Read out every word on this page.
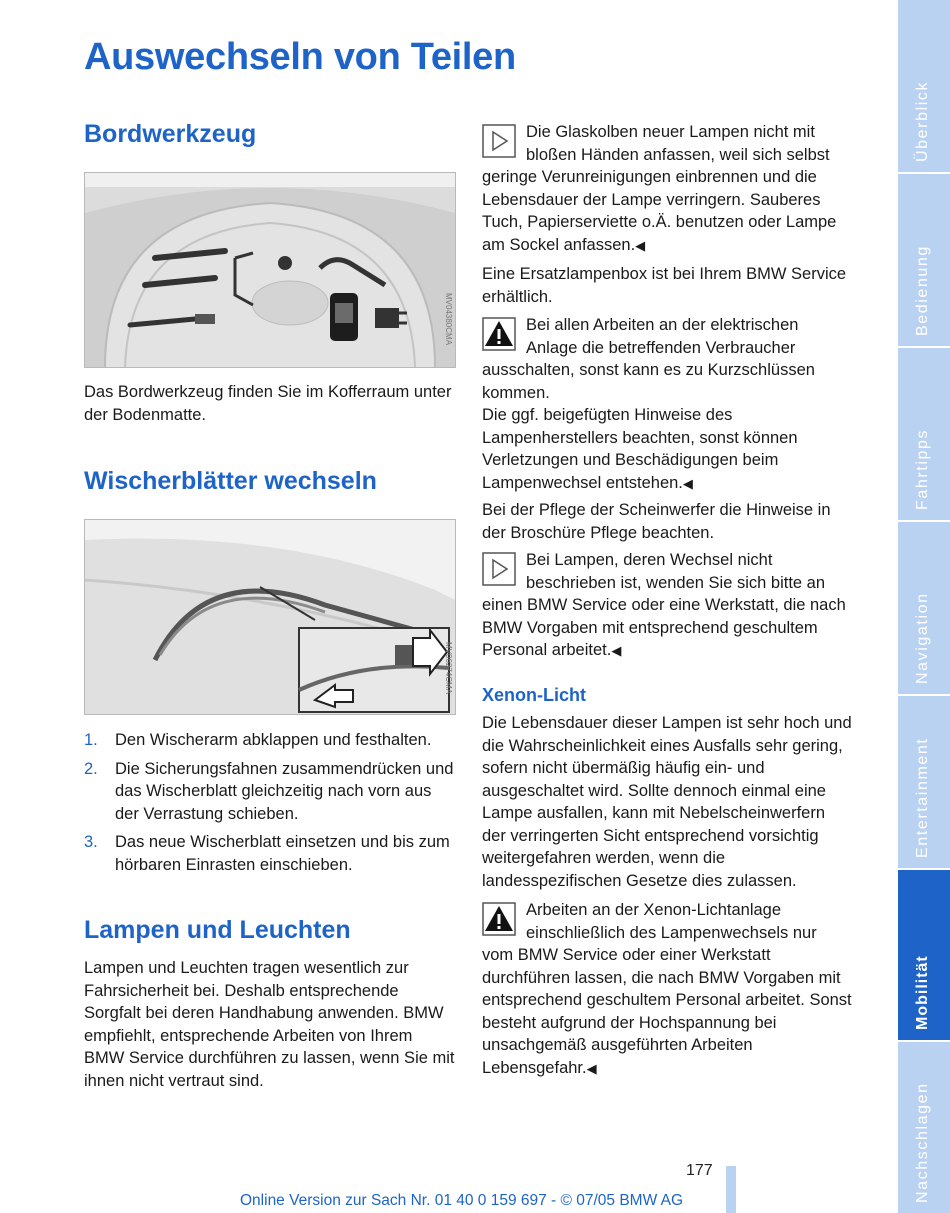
Auswechseln von Teilen
Bordwerkzeug
MV04380CMA

Das Bordwerkzeug finden Sie im Kofferraum unter der Bodenmatte.

Wischerblätter wechseln
MV06274CMA
1. Den Wischerarm abklappen und festhalten.
2. Die Sicherungsfahnen zusammendrücken und das Wischerblatt gleichzeitig nach vorn aus der Verrastung schieben.
3. Das neue Wischerblatt einsetzen und bis zum hörbaren Einrasten einschieben.
Lampen und Leuchten

Lampen und Leuchten tragen wesentlich zur Fahrsicherheit bei. Deshalb entsprechende Sorgfalt bei deren Handhabung anwenden. BMW empfiehlt, entsprechende Arbeiten von Ihrem BMW Service durchführen zu lassen, wenn Sie mit ihnen nicht vertraut sind.

Die Glaskolben neuer Lampen nicht mit bloßen Händen anfassen, weil sich selbst geringe Verunreinigungen einbrennen und die Lebensdauer der Lampe verringern. Sauberes Tuch, Papierserviette o.Ä. benutzen oder Lampe am Sockel anfassen.◀

Eine Ersatzlampenbox ist bei Ihrem BMW Service erhältlich.

Bei allen Arbeiten an der elektrischen Anlage die betreffenden Verbraucher ausschalten, sonst kann es zu Kurzschlüssen kommen.

Die ggf. beigefügten Hinweise des Lampenherstellers beachten, sonst können Verletzungen und Beschädigungen beim Lampenwechsel entstehen.◀

Bei der Pflege der Scheinwerfer die Hinweise in der Broschüre Pflege beachten.

Bei Lampen, deren Wechsel nicht beschrieben ist, wenden Sie sich bitte an einen BMW Service oder eine Werkstatt, die nach BMW Vorgaben mit entsprechend geschultem Personal arbeitet.◀

Xenon-Licht

Die Lebensdauer dieser Lampen ist sehr hoch und die Wahrscheinlichkeit eines Ausfalls sehr gering, sofern nicht übermäßig häufig ein- und ausgeschaltet wird. Sollte dennoch einmal eine Lampe ausfallen, kann mit Nebelscheinwerfern der verringerten Sicht entsprechend vorsichtig weitergefahren werden, wenn die landesspezifischen Gesetze dies zulassen.

Arbeiten an der Xenon-Lichtanlage einschließlich des Lampenwechsels nur vom BMW Service oder einer Werkstatt durchführen lassen, die nach BMW Vorgaben mit entsprechend geschultem Personal arbeitet. Sonst besteht aufgrund der Hochspannung bei unsachgemäß ausgeführten Arbeiten Lebensgefahr.◀

Überblick
Bedienung
Fahrtipps
Navigation
Entertainment
Mobilität
Nachschlagen
177
Online Version zur Sach Nr. 01 40 0 159 697 - © 07/05 BMW AG
